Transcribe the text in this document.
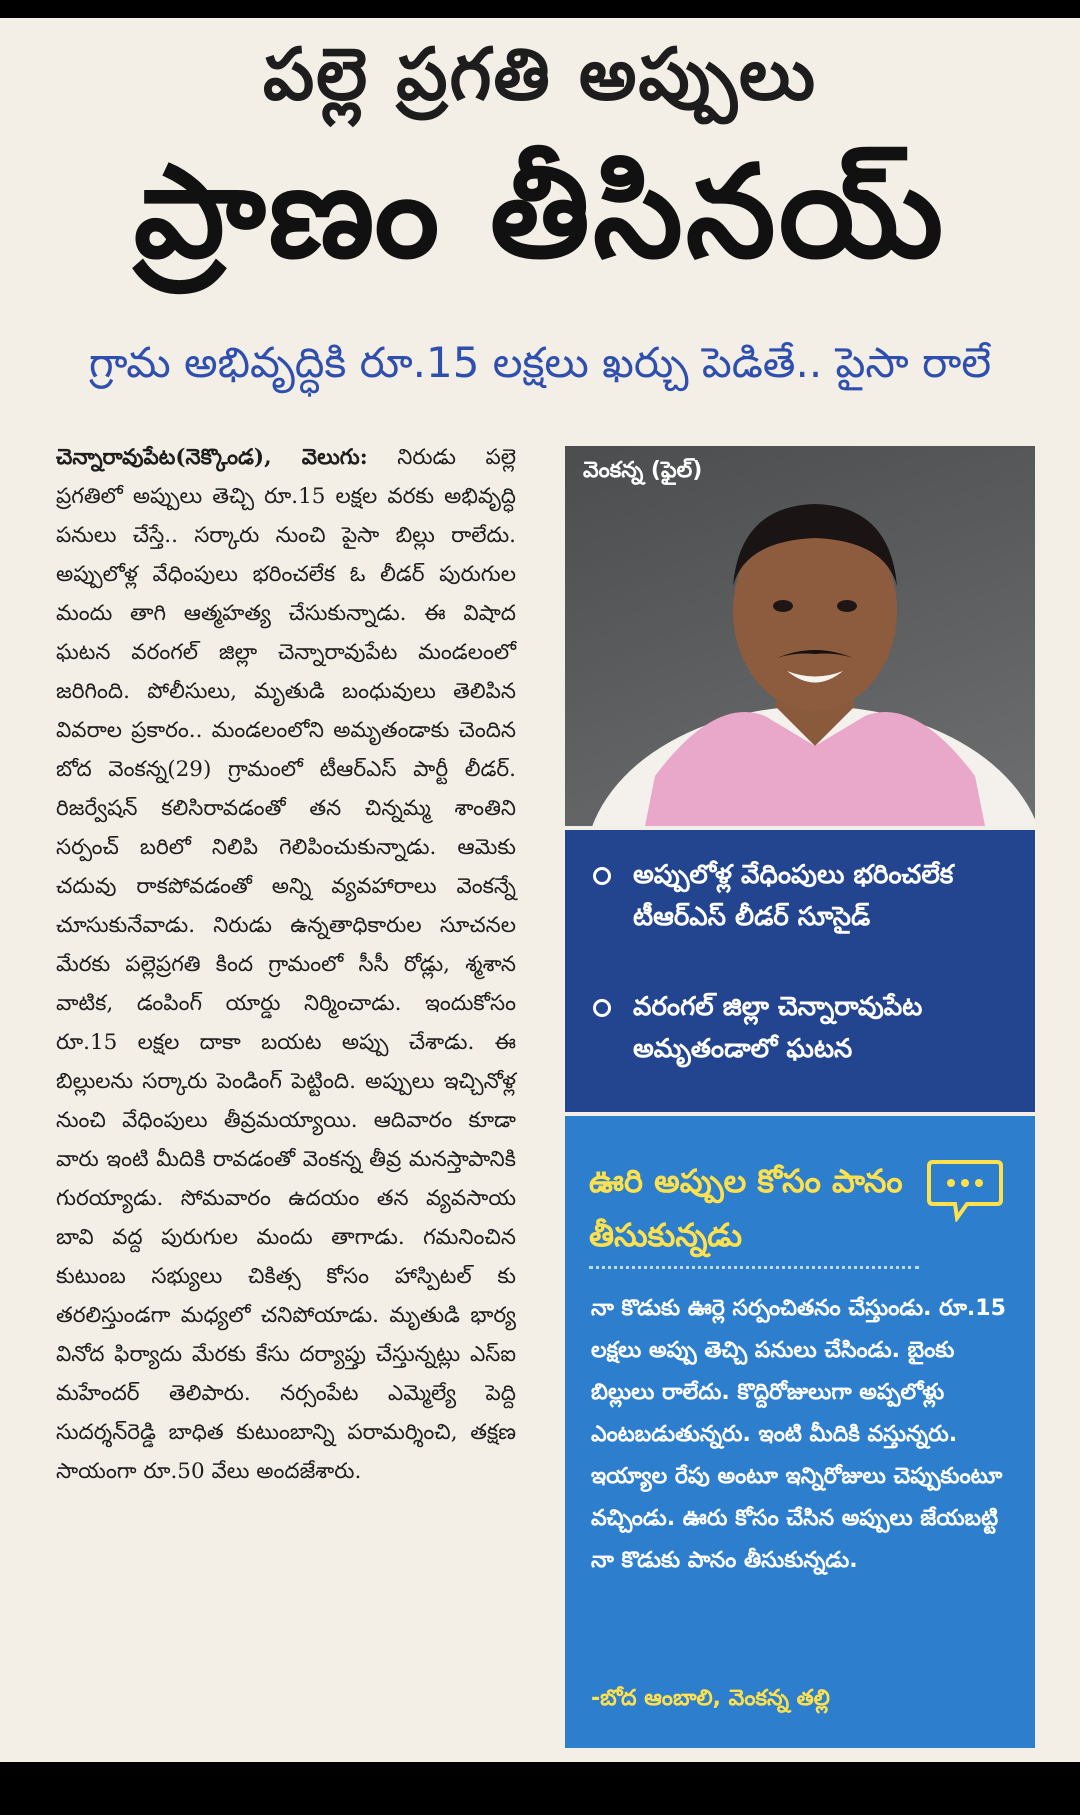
పల్లె ప్రగతి అప్పులు
ప్రాణం తీసినయ్
గ్రామ అభివృద్ధికి రూ.15 లక్షలు ఖర్చు పెడితే.. పైసా రాలే
చెన్నారావుపేట(నెక్కొండ), వెలుగు: నిరుడు పల్లె ప్రగతిలో అప్పులు తెచ్చి రూ.15 లక్షల వరకు అభివృద్ధి పనులు చేస్తే.. సర్కారు నుంచి పైసా బిల్లు రాలేదు. అప్పులోళ్ల వేధింపులు భరించలేక ఓ లీడర్ పురుగుల మందు తాగి ఆత్మహత్య చేసుకున్నాడు. ఈ విషాద ఘటన వరంగల్ జిల్లా చెన్నారావుపేట మండలంలో జరిగింది. పోలీసులు, మృతుడి బంధువులు తెలిపిన వివరాల ప్రకారం.. మండలంలోని అమృతండాకు చెందిన బోద వెంకన్న(29) గ్రామంలో టీఆర్ఎస్ పార్టీ లీడర్. రిజర్వేషన్ కలిసిరావడంతో తన చిన్నమ్మ శాంతిని సర్పంచ్ బరిలో నిలిపి గెలిపించుకున్నాడు. ఆమెకు చదువు రాకపోవడంతో అన్ని వ్యవహారాలు వెంకన్నే చూసుకునేవాడు. నిరుడు ఉన్నతాధికారుల సూచనల మేరకు పల్లెప్రగతి కింద గ్రామంలో సీసీ రోడ్లు, శ్మశాన వాటిక, డంపింగ్ యార్డు నిర్మించాడు. ఇందుకోసం రూ.15 లక్షల దాకా బయట అప్పు చేశాడు. ఈ బిల్లులను సర్కారు పెండింగ్ పెట్టింది. అప్పులు ఇచ్చినోళ్ల నుంచి వేధింపులు తీవ్రమయ్యాయి. ఆదివారం కూడా వారు ఇంటి మీదికి రావడంతో వెంకన్న తీవ్ర మనస్తాపానికి గురయ్యాడు. సోమవారం ఉదయం తన వ్యవసాయ బావి వద్ద పురుగుల మందు తాగాడు. గమనించిన కుటుంబ సభ్యులు చికిత్స కోసం హాస్పిటల్ కు తరలిస్తుండగా మధ్యలో చనిపోయాడు. మృతుడి భార్య వినోద ఫిర్యాదు మేరకు కేసు దర్యాప్తు చేస్తున్నట్లు ఎస్ఐ మహేందర్ తెలిపారు. నర్సంపేట ఎమ్మెల్యే పెద్ది సుదర్శన్‌రెడ్డి బాధిత కుటుంబాన్ని పరామర్శించి, తక్షణ సాయంగా రూ.50 వేలు అందజేశారు.
వెంకన్న (ఫైల్)
అప్పులోళ్ల వేధింపులు భరించలేక టీఆర్ఎస్ లీడర్ సూసైడ్
వరంగల్ జిల్లా చెన్నారావుపేట అమృతండాలో ఘటన
ఊరి అప్పుల కోసం పానం తీసుకున్నడు
నా కొడుకు ఊర్లె సర్పంచితనం చేస్తుండు. రూ.15 లక్షలు అప్పు తెచ్చి పనులు చేసిండు. బైంకు బిల్లులు రాలేదు. కొద్దిరోజులుగా అప్పలోళ్లు ఎంటబడుతున్నరు. ఇంటి మీదికి వస్తున్నరు. ఇయ్యాల రేపు అంటూ ఇన్నిరోజులు చెప్పుకుంటూ వచ్చిండు. ఊరు కోసం చేసిన అప్పులు జేయబట్టి నా కొడుకు పానం తీసుకున్నడు.
-బోద ఆంబాలి, వెంకన్న తల్లి
